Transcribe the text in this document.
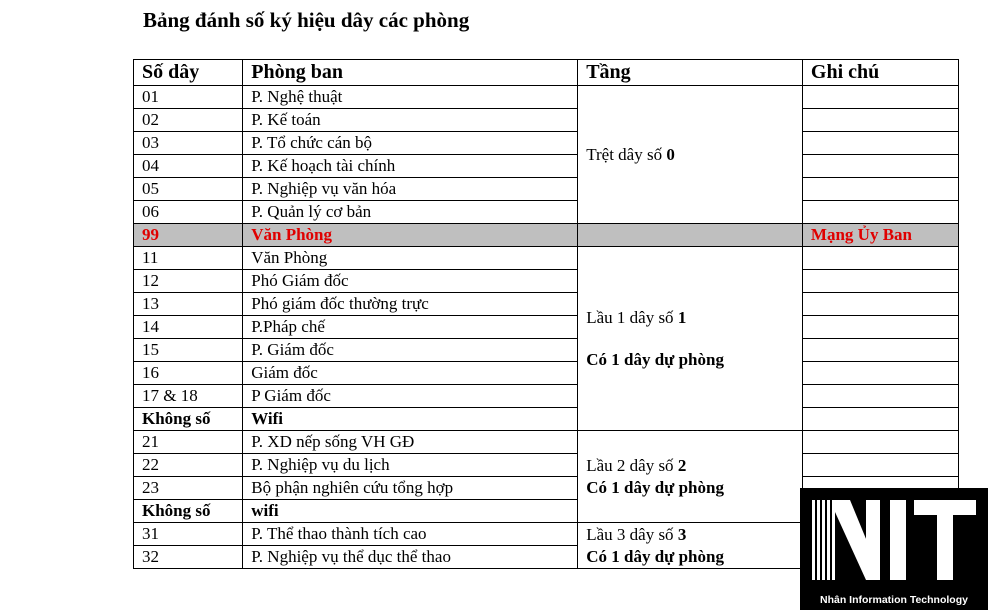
Bảng đánh số ký hiệu dây các phòng
Số dây	Phòng ban	Tầng	Ghi chú
01	P. Nghệ thuật	Trệt dây số 0	
02	P. Kế toán		
03	P. Tổ chức cán bộ		
04	P. Kế hoạch tài chính		
05	P. Nghiệp vụ văn hóa		
06	P. Quản lý cơ bản		
99	Văn Phòng		Mạng Ủy Ban
11	Văn Phòng	Lầu 1 dây số 1
Có 1 dây dự phòng	

12	Phó Giám đốc		
13	Phó giám đốc thường trực		
14	P.Pháp chế		
15	P. Giám đốc		
16	Giám đốc		
17 & 18	P Giám đốc		
Không số	Wifi		
21	P. XD nếp sống VH GĐ	Lầu 2 dây số 2
Có 1 dây dự phòng	

22	P. Nghiệp vụ du lịch		
23	Bộ phận nghiên cứu tổng hợp		
Không số	wifi		
31	P. Thể thao thành tích cao	Lầu 3 dây số 3
Có 1 dây dự phòng	

32	P. Nghiệp vụ thể dục thể thao		
Nhân Information Technology
